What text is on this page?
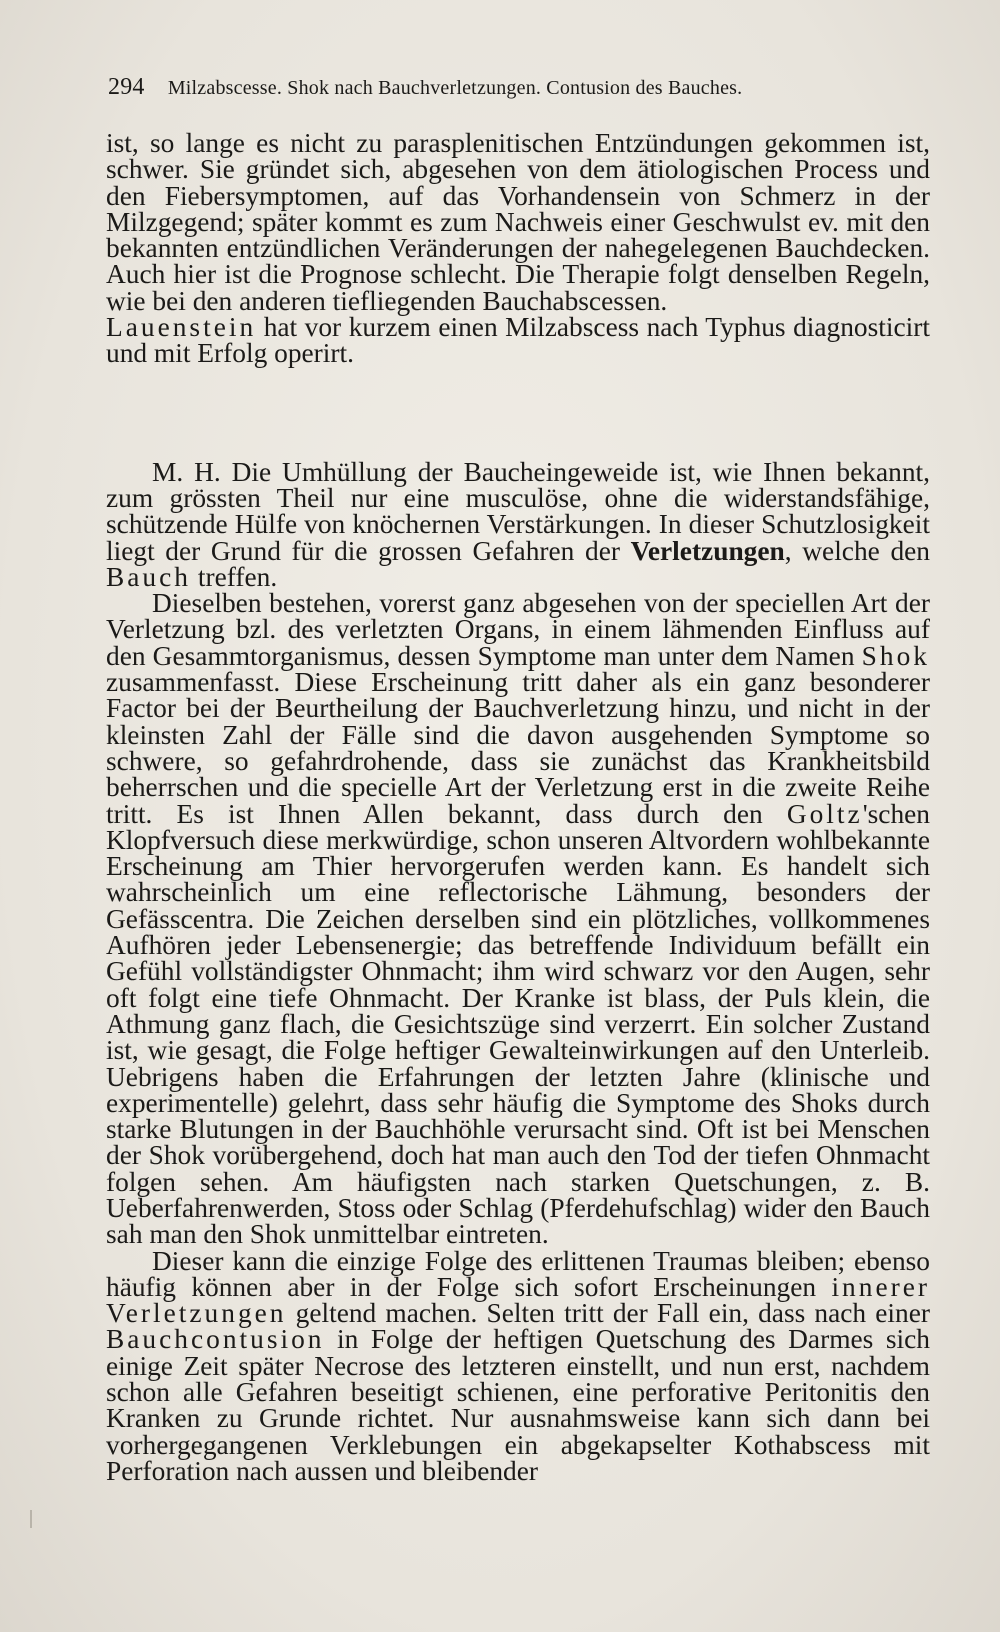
294 Milzabscesse. Shok nach Bauchverletzungen. Contusion des Bauches.

ist, so lange es nicht zu parasplenitischen Entzündungen gekommen ist, schwer. Sie gründet sich, abgesehen von dem ätiologischen Process und den Fiebersymptomen, auf das Vorhandensein von Schmerz in der Milzgegend; später kommt es zum Nachweis einer Geschwulst ev. mit den bekannten entzündlichen Veränderungen der nahegelegenen Bauchdecken. Auch hier ist die Prognose schlecht. Die Therapie folgt denselben Regeln, wie bei den anderen tiefliegenden Bauchabscessen.
Lauenstein hat vor kurzem einen Milzabscess nach Typhus diagnosticirt und mit Erfolg operirt.

M. H. Die Umhüllung der Baucheingeweide ist, wie Ihnen bekannt, zum grössten Theil nur eine musculöse, ohne die widerstandsfähige, schützende Hülfe von knöchernen Verstärkungen. In dieser Schutzlosigkeit liegt der Grund für die grossen Gefahren der Verletzungen, welche den Bauch treffen.

Dieselben bestehen, vorerst ganz abgesehen von der speciellen Art der Verletzung bzl. des verletzten Organs, in einem lähmenden Einfluss auf den Gesammtorganismus, dessen Symptome man unter dem Namen Shok zusammenfasst. Diese Erscheinung tritt daher als ein ganz besonderer Factor bei der Beurtheilung der Bauchverletzung hinzu, und nicht in der kleinsten Zahl der Fälle sind die davon ausgehenden Symptome so schwere, so gefahrdrohende, dass sie zunächst das Krankheitsbild beherrschen und die specielle Art der Verletzung erst in die zweite Reihe tritt. Es ist Ihnen Allen bekannt, dass durch den Goltz'schen Klopfversuch diese merkwürdige, schon unseren Altvordern wohlbekannte Erscheinung am Thier hervorgerufen werden kann. Es handelt sich wahrscheinlich um eine reflectorische Lähmung, besonders der Gefässcentra. Die Zeichen derselben sind ein plötzliches, vollkommenes Aufhören jeder Lebensenergie; das betreffende Individuum befällt ein Gefühl vollständigster Ohnmacht; ihm wird schwarz vor den Augen, sehr oft folgt eine tiefe Ohnmacht. Der Kranke ist blass, der Puls klein, die Athmung ganz flach, die Gesichtszüge sind verzerrt. Ein solcher Zustand ist, wie gesagt, die Folge heftiger Gewalteinwirkungen auf den Unterleib. Uebrigens haben die Erfahrungen der letzten Jahre (klinische und experimentelle) gelehrt, dass sehr häufig die Symptome des Shoks durch starke Blutungen in der Bauchhöhle verursacht sind. Oft ist bei Menschen der Shok vorübergehend, doch hat man auch den Tod der tiefen Ohnmacht folgen sehen. Am häufigsten nach starken Quetschungen, z. B. Ueberfahrenwerden, Stoss oder Schlag (Pferdehufschlag) wider den Bauch sah man den Shok unmittelbar eintreten.

Dieser kann die einzige Folge des erlittenen Traumas bleiben; ebenso häufig können aber in der Folge sich sofort Erscheinungen innerer Verletzungen geltend machen. Selten tritt der Fall ein, dass nach einer Bauchcontusion in Folge der heftigen Quetschung des Darmes sich einige Zeit später Necrose des letzteren einstellt, und nun erst, nachdem schon alle Gefahren beseitigt schienen, eine perforative Peritonitis den Kranken zu Grunde richtet. Nur ausnahmsweise kann sich dann bei vorhergegangenen Verklebungen ein abgekapselter Kothabscess mit Perforation nach aussen und bleibender
